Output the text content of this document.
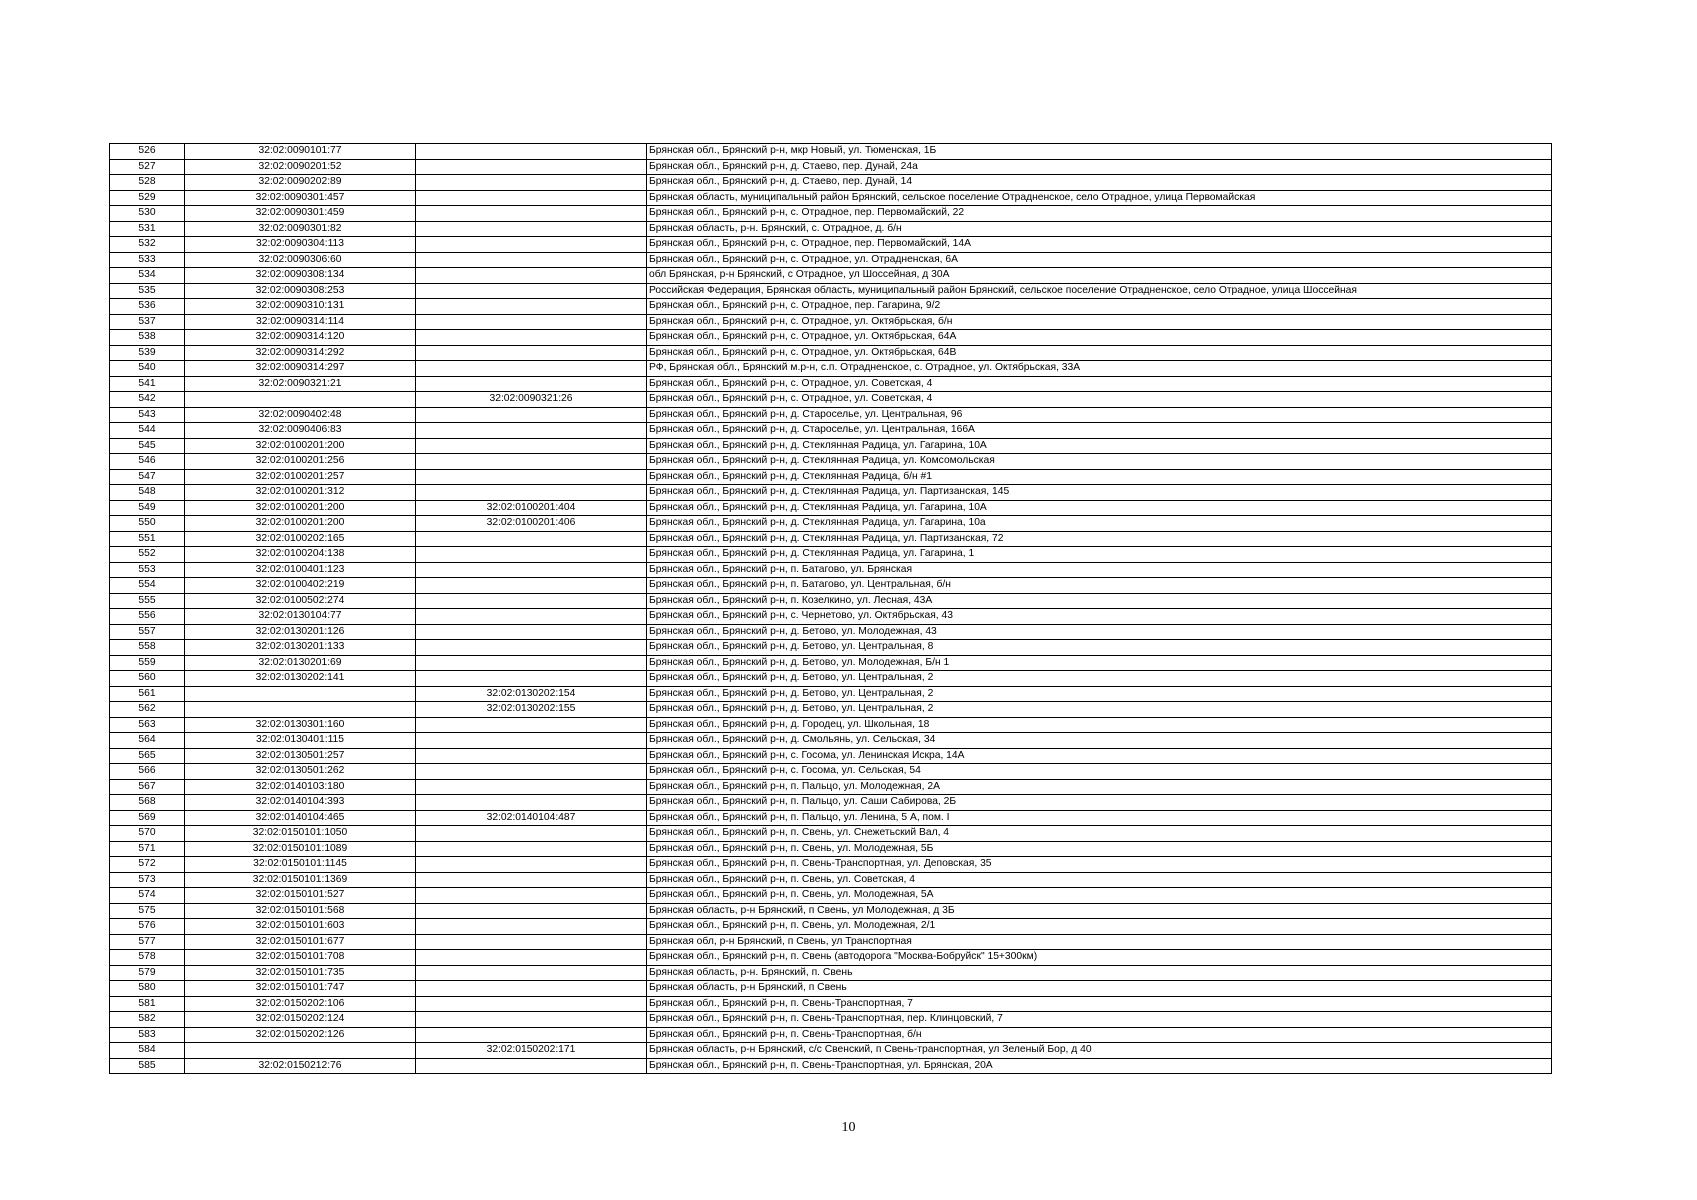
526	32:02:0090101:77		Брянская обл., Брянский р-н, мкр Новый, ул. Тюменская, 1Б
527	32:02:0090201:52		Брянская обл., Брянский р-н, д. Стаево, пер. Дунай, 24а
528	32:02:0090202:89		Брянская обл., Брянский р-н, д. Стаево, пер. Дунай, 14
529	32:02:0090301:457		Брянская область, муниципальный район Брянский, сельское поселение Отрадненское, село Отрадное, улица Первомайская
530	32:02:0090301:459		Брянская обл., Брянский р-н, с. Отрадное, пер. Первомайский, 22
531	32:02:0090301:82		Брянская область, р-н. Брянский, с. Отрадное, д. б/н
532	32:02:0090304:113		Брянская обл., Брянский р-н, с. Отрадное, пер. Первомайский, 14А
533	32:02:0090306:60		Брянская обл., Брянский р-н, с. Отрадное, ул. Отрадненская, 6А
534	32:02:0090308:134		обл Брянская, р-н Брянский, с Отрадное, ул Шоссейная, д 30А
535	32:02:0090308:253		Российская Федерация, Брянская область, муниципальный район Брянский, сельское поселение Отрадненское, село Отрадное, улица Шоссейная
536	32:02:0090310:131		Брянская обл., Брянский р-н, с. Отрадное, пер. Гагарина, 9/2
537	32:02:0090314:114		Брянская обл., Брянский р-н, с. Отрадное, ул. Октябрьская, б/н
538	32:02:0090314:120		Брянская обл., Брянский р-н, с. Отрадное, ул. Октябрьская, 64А
539	32:02:0090314:292		Брянская обл., Брянский р-н, с. Отрадное, ул. Октябрьская, 64В
540	32:02:0090314:297		РФ, Брянская обл., Брянский м.р-н, с.п. Отрадненское, с. Отрадное, ул. Октябрьская, 33А
541	32:02:0090321:21		Брянская обл., Брянский р-н, с. Отрадное, ул. Советская, 4
542		32:02:0090321:26	Брянская обл., Брянский р-н, с. Отрадное, ул. Советская, 4
543	32:02:0090402:48		Брянская обл., Брянский р-н, д. Староселье, ул. Центральная, 96
544	32:02:0090406:83		Брянская обл., Брянский р-н, д. Староселье, ул. Центральная, 166А
545	32:02:0100201:200		Брянская обл., Брянский р-н, д. Стеклянная Радица, ул. Гагарина, 10А
546	32:02:0100201:256		Брянская обл., Брянский р-н, д. Стеклянная Радица, ул. Комсомольская
547	32:02:0100201:257		Брянская обл., Брянский р-н, д. Стеклянная Радица, б/н #1
548	32:02:0100201:312		Брянская обл., Брянский р-н, д. Стеклянная Радица, ул. Партизанская, 145
549	32:02:0100201:200	32:02:0100201:404	Брянская обл., Брянский р-н, д. Стеклянная Радица, ул. Гагарина, 10А
550	32:02:0100201:200	32:02:0100201:406	Брянская обл., Брянский р-н, д. Стеклянная Радица, ул. Гагарина, 10а
551	32:02:0100202:165		Брянская обл., Брянский р-н, д. Стеклянная Радица, ул. Партизанская, 72
552	32:02:0100204:138		Брянская обл., Брянский р-н, д. Стеклянная Радица, ул. Гагарина, 1
553	32:02:0100401:123		Брянская обл., Брянский р-н, п. Батагово, ул. Брянская
554	32:02:0100402:219		Брянская обл., Брянский р-н, п. Батагово, ул. Центральная, б/н
555	32:02:0100502:274		Брянская обл., Брянский р-н, п. Козелкино, ул. Лесная, 43А
556	32:02:0130104:77		Брянская обл., Брянский р-н, с. Чернетово, ул. Октябрьская, 43
557	32:02:0130201:126		Брянская обл., Брянский р-н, д. Бетово, ул. Молодежная, 43
558	32:02:0130201:133		Брянская обл., Брянский р-н, д. Бетово, ул. Центральная, 8
559	32:02:0130201:69		Брянская обл., Брянский р-н, д. Бетово, ул. Молодежная, Б/н 1
560	32:02:0130202:141		Брянская обл., Брянский р-н, д. Бетово, ул. Центральная, 2
561		32:02:0130202:154	Брянская обл., Брянский р-н, д. Бетово, ул. Центральная, 2
562		32:02:0130202:155	Брянская обл., Брянский р-н, д. Бетово, ул. Центральная, 2
563	32:02:0130301:160		Брянская обл., Брянский р-н, д. Городец, ул. Школьная, 18
564	32:02:0130401:115		Брянская обл., Брянский р-н, д. Смольянь, ул. Сельская, 34
565	32:02:0130501:257		Брянская обл., Брянский р-н, с. Госома, ул. Ленинская Искра, 14А
566	32:02:0130501:262		Брянская обл., Брянский р-н, с. Госома, ул. Сельская, 54
567	32:02:0140103:180		Брянская обл., Брянский р-н, п. Пальцо, ул. Молодежная, 2А
568	32:02:0140104:393		Брянская обл., Брянский р-н, п. Пальцо, ул. Саши Сабирова, 2Б
569	32:02:0140104:465	32:02:0140104:487	Брянская обл., Брянский р-н, п. Пальцо, ул. Ленина, 5 А, пом. I
570	32:02:0150101:1050		Брянская обл., Брянский р-н, п. Свень, ул. Снежетьский Вал, 4
571	32:02:0150101:1089		Брянская обл., Брянский р-н, п. Свень, ул. Молодежная, 5Б
572	32:02:0150101:1145		Брянская обл., Брянский р-н, п. Свень-Транспортная, ул. Деповская, 35
573	32:02:0150101:1369		Брянская обл., Брянский р-н, п. Свень, ул. Советская, 4
574	32:02:0150101:527		Брянская обл., Брянский р-н, п. Свень, ул. Молодежная, 5А
575	32:02:0150101:568		Брянская область, р-н Брянский, п Свень, ул Молодежная, д 3Б
576	32:02:0150101:603		Брянская обл., Брянский р-н, п. Свень, ул. Молодежная, 2/1
577	32:02:0150101:677		Брянская обл, р-н Брянский, п Свень, ул Транспортная
578	32:02:0150101:708		Брянская обл., Брянский р-н, п. Свень (автодорога "Москва-Бобруйск" 15+300км)
579	32:02:0150101:735		Брянская область, р-н. Брянский, п. Свень
580	32:02:0150101:747		Брянская область, р-н Брянский, п Свень
581	32:02:0150202:106		Брянская обл., Брянский р-н, п. Свень-Транспортная, 7
582	32:02:0150202:124		Брянская обл., Брянский р-н, п. Свень-Транспортная, пер. Клинцовский, 7
583	32:02:0150202:126		Брянская обл., Брянский р-н, п. Свень-Транспортная, б/н
584		32:02:0150202:171	Брянская область, р-н Брянский, с/с Свенский, п Свень-транспортная, ул Зеленый Бор, д 40
585	32:02:0150212:76		Брянская обл., Брянский р-н, п. Свень-Транспортная, ул. Брянская, 20А
10
